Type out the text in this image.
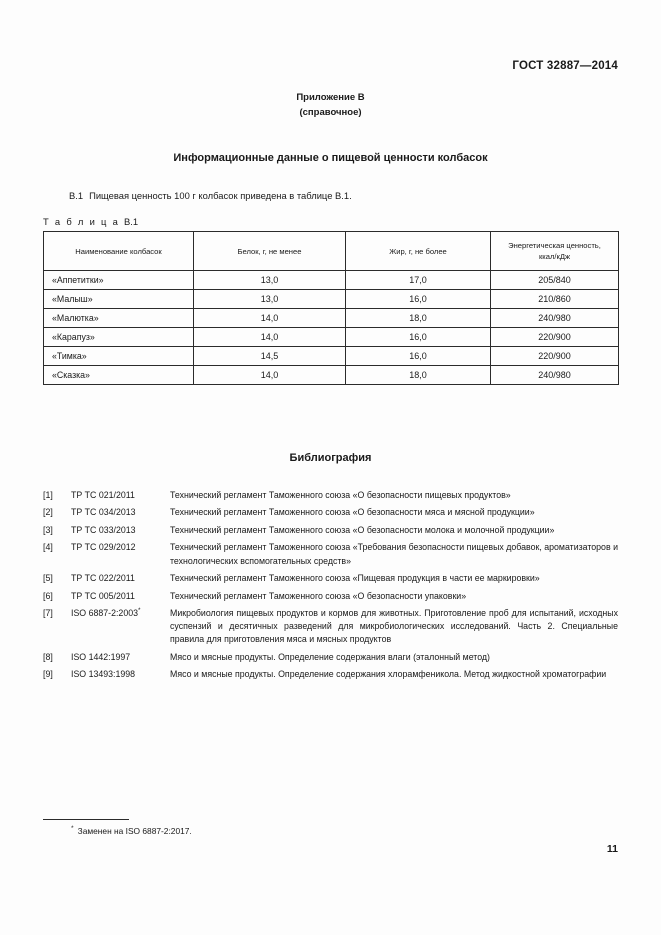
ГОСТ 32887—2014
Приложение В
(справочное)
Информационные данные о пищевой ценности колбасок
В.1 Пищевая ценность 100 г колбасок приведена в таблице В.1.
Т а б л и ц а В.1
Наименование колбасок	Белок, г, не менее	Жир, г, не более	Энергетическая ценность,
ккал/кДж
«Аппетитки»	13,0	17,0	205/840
«Малыш»	13,0	16,0	210/860
«Малютка»	14,0	18,0	240/980
«Карапуз»	14,0	16,0	220/900
«Тимка»	14,5	16,0	220/900
«Сказка»	14,0	18,0	240/980
Библиография
[1]	ТР ТС 021/2011	Технический регламент Таможенного союза «О безопасности пищевых продуктов»
[2]	ТР ТС 034/2013	Технический регламент Таможенного союза «О безопасности мяса и мясной продукции»
[3]	ТР ТС 033/2013	Технический регламент Таможенного союза «О безопасности молока и молочной продукции»
[4]	ТР ТС 029/2012	Технический регламент Таможенного союза «Требования безопасности пищевых добавок, ароматизаторов и технологических вспомогательных средств»
[5]	ТР ТС 022/2011	Технический регламент Таможенного союза «Пищевая продукция в части ее маркировки»
[6]	ТР ТС 005/2011	Технический регламент Таможенного союза «О безопасности упаковки»
[7]	ISO 6887-2:2003*	Микробиология пищевых продуктов и кормов для животных. Приготовление проб для испытаний, исходных суспензий и десятичных разведений для микробиологических исследований. Часть 2. Специальные правила для приготовления мяса и мясных продуктов
[8]	ISO 1442:1997	Мясо и мясные продукты. Определение содержания влаги (эталонный метод)
[9]	ISO 13493:1998	Мясо и мясные продукты. Определение содержания хлорамфеникола. Метод жидкостной хроматографии
* Заменен на ISO 6887-2:2017.
11
